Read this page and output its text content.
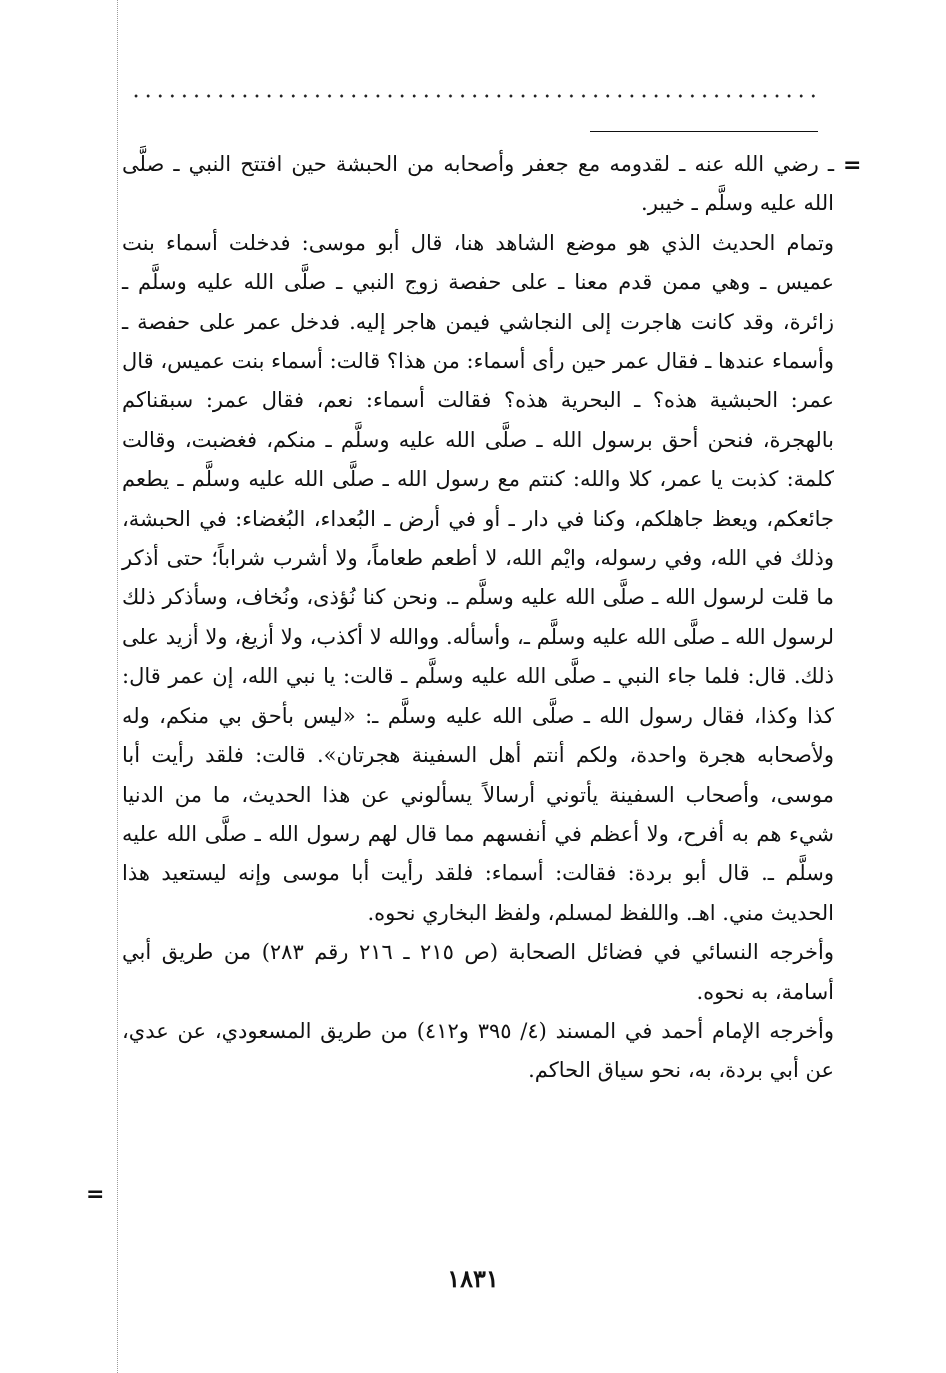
=

ـ رضي الله عنه ـ لقدومه مع جعفر وأصحابه من الحبشة حين افتتح النبي ـ صلَّى الله عليه وسلَّم ـ خيبر.

وتمام الحديث الذي هو موضع الشاهد هنا، قال أبو موسى: فدخلت أسماء بنت عميس ـ وهي ممن قدم معنا ـ على حفصة زوج النبي ـ صلَّى الله عليه وسلَّم ـ زائرة، وقد كانت هاجرت إلى النجاشي فيمن هاجر إليه. فدخل عمر على حفصة ـ وأسماء عندها ـ فقال عمر حين رأى أسماء: من هذا؟ قالت: أسماء بنت عميس، قال عمر: الحبشية هذه؟ ـ البحرية هذه؟ فقالت أسماء: نعم، فقال عمر: سبقناكم بالهجرة، فنحن أحق برسول الله ـ صلَّى الله عليه وسلَّم ـ منكم، فغضبت، وقالت كلمة: كذبت يا عمر، كلا والله: كنتم مع رسول الله ـ صلَّى الله عليه وسلَّم ـ يطعم جائعكم، ويعظ جاهلكم، وكنا في دار ـ أو في أرض ـ البُعداء، البُغضاء: في الحبشة، وذلك في الله، وفي رسوله، وايْم الله، لا أطعم طعاماً، ولا أشرب شراباً؛ حتى أذكر ما قلت لرسول الله ـ صلَّى الله عليه وسلَّم ـ. ونحن كنا نُؤذى، ونُخاف، وسأذكر ذلك لرسول الله ـ صلَّى الله عليه وسلَّم ـ، وأسأله. ووالله لا أكذب، ولا أزيغ، ولا أزيد على ذلك. قال: فلما جاء النبي ـ صلَّى الله عليه وسلَّم ـ قالت: يا نبي الله، إن عمر قال: كذا وكذا، فقال رسول الله ـ صلَّى الله عليه وسلَّم ـ: «ليس بأحق بي منكم، وله ولأصحابه هجرة واحدة، ولكم أنتم أهل السفينة هجرتان». قالت: فلقد رأيت أبا موسى، وأصحاب السفينة يأتوني أرسالاً يسألوني عن هذا الحديث، ما من الدنيا شيء هم به أفرح، ولا أعظم في أنفسهم مما قال لهم رسول الله ـ صلَّى الله عليه وسلَّم ـ. قال أبو بردة: فقالت: أسماء: فلقد رأيت أبا موسى وإنه ليستعيد هذا الحديث مني. اهـ. واللفظ لمسلم، ولفظ البخاري نحوه.

وأخرجه النسائي في فضائل الصحابة (ص ٢١٥ ـ ٢١٦ رقم ٢٨٣) من طريق أبي أسامة، به نحوه.

وأخرجه الإمام أحمد في المسند (٤/ ٣٩٥ و٤١٢) من طريق المسعودي، عن عدي، عن أبي بردة، به، نحو سياق الحاكم.

=
١٨٣١
